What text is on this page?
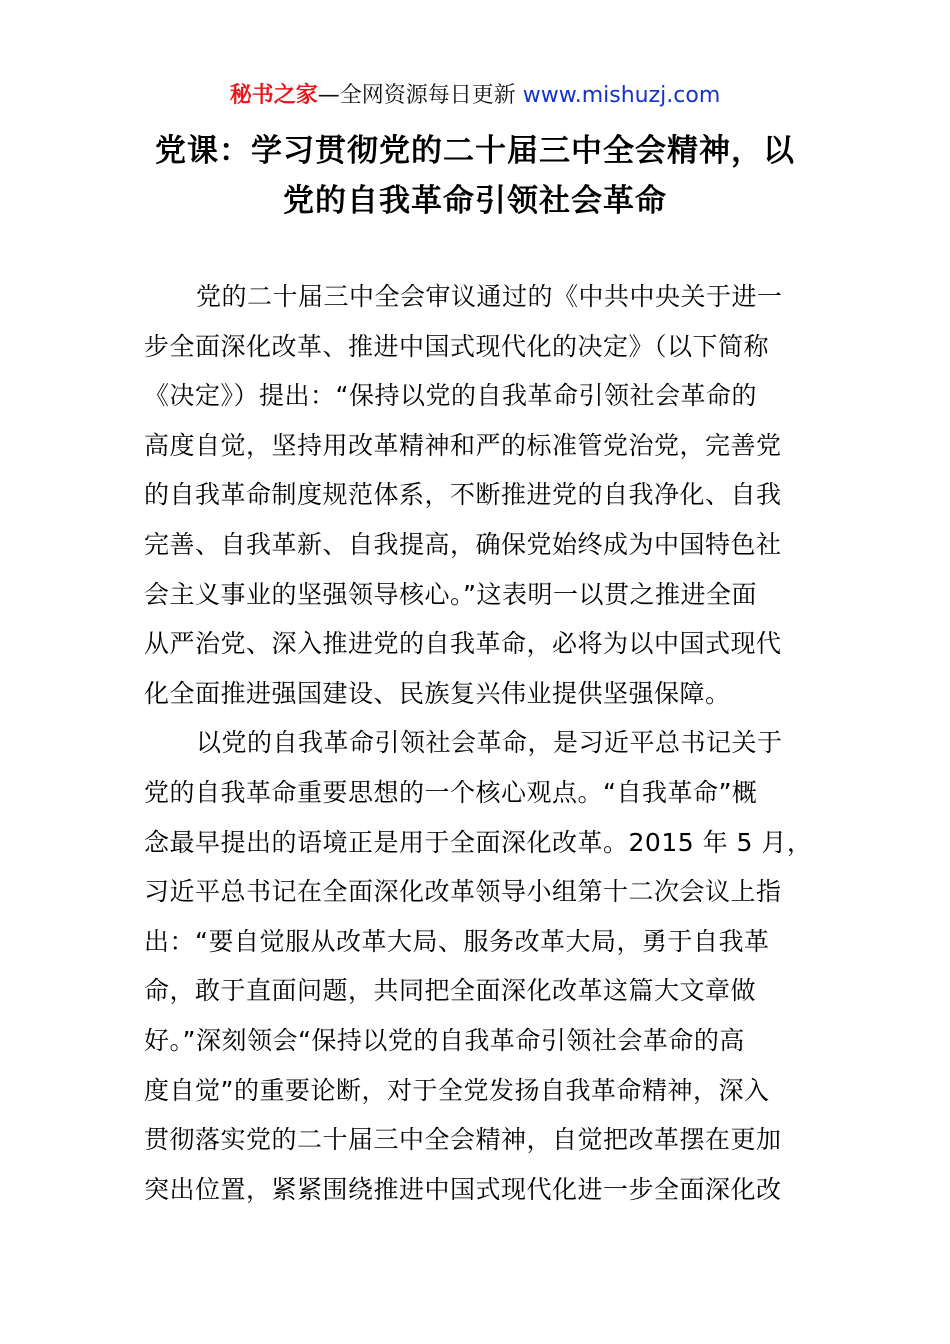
秘书之家—全网资源每日更新 www.mishuzj.com
党课：学习贯彻党的二十届三中全会精神，以
党的自我革命引领社会革命
党的二十届三中全会审议通过的《中共中央关于进一
步全面深化改革、推进中国式现代化的决定》（以下简称
《决定》）提出：“保持以党的自我革命引领社会革命的
高度自觉，坚持用改革精神和严的标准管党治党，完善党
的自我革命制度规范体系，不断推进党的自我净化、自我
完善、自我革新、自我提高，确保党始终成为中国特色社
会主义事业的坚强领导核心。”这表明一以贯之推进全面
从严治党、深入推进党的自我革命，必将为以中国式现代
化全面推进强国建设、民族复兴伟业提供坚强保障。
以党的自我革命引领社会革命，是习近平总书记关于
党的自我革命重要思想的一个核心观点。“自我革命”概
念最早提出的语境正是用于全面深化改革。2015 年 5 月，
习近平总书记在全面深化改革领导小组第十二次会议上指
出：“要自觉服从改革大局、服务改革大局，勇于自我革
命，敢于直面问题，共同把全面深化改革这篇大文章做
好。”深刻领会“保持以党的自我革命引领社会革命的高
度自觉”的重要论断，对于全党发扬自我革命精神，深入
贯彻落实党的二十届三中全会精神，自觉把改革摆在更加
突出位置，紧紧围绕推进中国式现代化进一步全面深化改
